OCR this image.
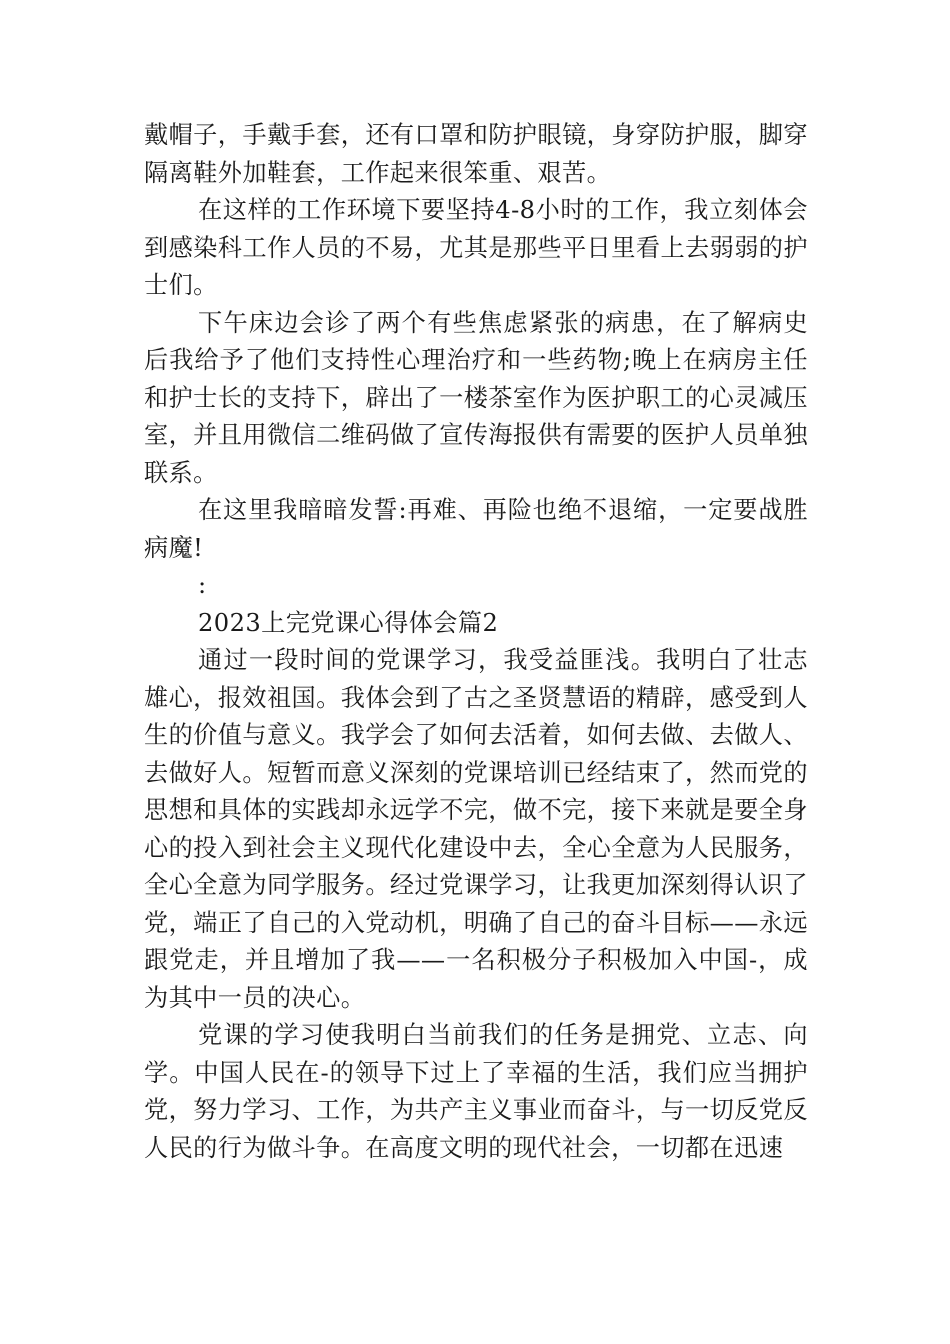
戴帽子，手戴手套，还有口罩和防护眼镜，身穿防护服，脚穿隔离鞋外加鞋套，工作起来很笨重、艰苦。

在这样的工作环境下要坚持4-8小时的工作，我立刻体会到感染科工作人员的不易，尤其是那些平日里看上去弱弱的护士们。

下午床边会诊了两个有些焦虑紧张的病患，在了解病史后我给予了他们支持性心理治疗和一些药物;晚上在病房主任和护士长的支持下，辟出了一楼茶室作为医护职工的心灵减压室，并且用微信二维码做了宣传海报供有需要的医护人员单独联系。

在这里我暗暗发誓:再难、再险也绝不退缩，一定要战胜病魔!

:

2023上完党课心得体会篇2

通过一段时间的党课学习，我受益匪浅。我明白了壮志雄心，报效祖国。我体会到了古之圣贤慧语的精辟，感受到人生的价值与意义。我学会了如何去活着，如何去做、去做人、去做好人。短暂而意义深刻的党课培训已经结束了，然而党的思想和具体的实践却永远学不完，做不完，接下来就是要全身心的投入到社会主义现代化建设中去，全心全意为人民服务，全心全意为同学服务。经过党课学习，让我更加深刻得认识了党，端正了自己的入党动机，明确了自己的奋斗目标——永远跟党走，并且增加了我——一名积极分子积极加入中国-，成为其中一员的决心。

党课的学习使我明白当前我们的任务是拥党、立志、向学。中国人民在-的领导下过上了幸福的生活，我们应当拥护党，努力学习、工作，为共产主义事业而奋斗，与一切反党反人民的行为做斗争。在高度文明的现代社会，一切都在迅速
